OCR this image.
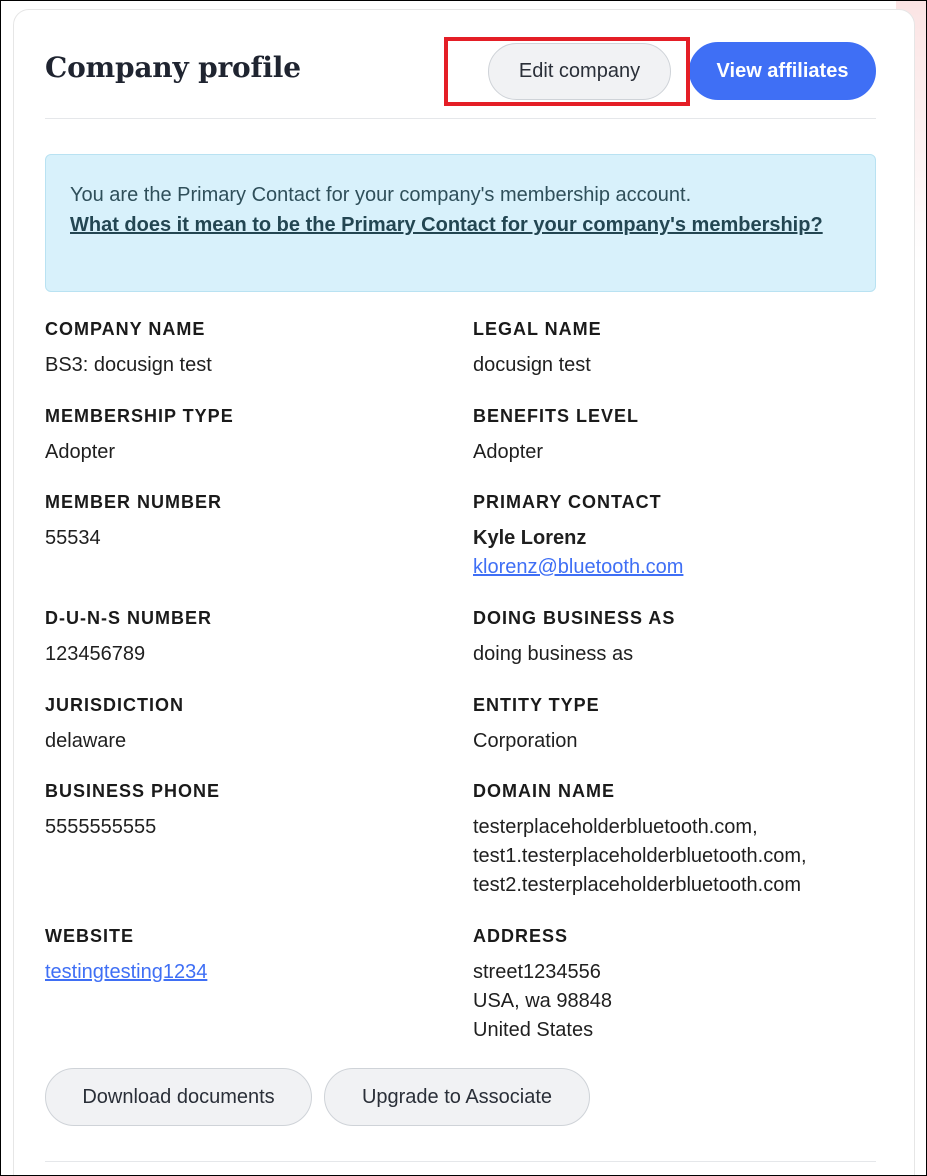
Company profile	Edit company	View affiliates
You are the Primary Contact for your company's membership account.
What does it mean to be the Primary Contact for your company's membership?
COMPANY NAME
BS3: docusign test
LEGAL NAME
docusign test
MEMBERSHIP TYPE
Adopter
BENEFITS LEVEL
Adopter
MEMBER NUMBER
55534
PRIMARY CONTACT
Kyle Lorenz
klorenz@bluetooth.com
D-U-N-S NUMBER
123456789
DOING BUSINESS AS
doing business as
JURISDICTION
delaware
ENTITY TYPE
Corporation
BUSINESS PHONE
5555555555
DOMAIN NAME
testerplaceholderbluetooth.com,
test1.testerplaceholderbluetooth.com,
test2.testerplaceholderbluetooth.com
WEBSITE
testingtesting1234
ADDRESS
street1234556
USA, wa 98848
United States
Download documents	Upgrade to Associate
